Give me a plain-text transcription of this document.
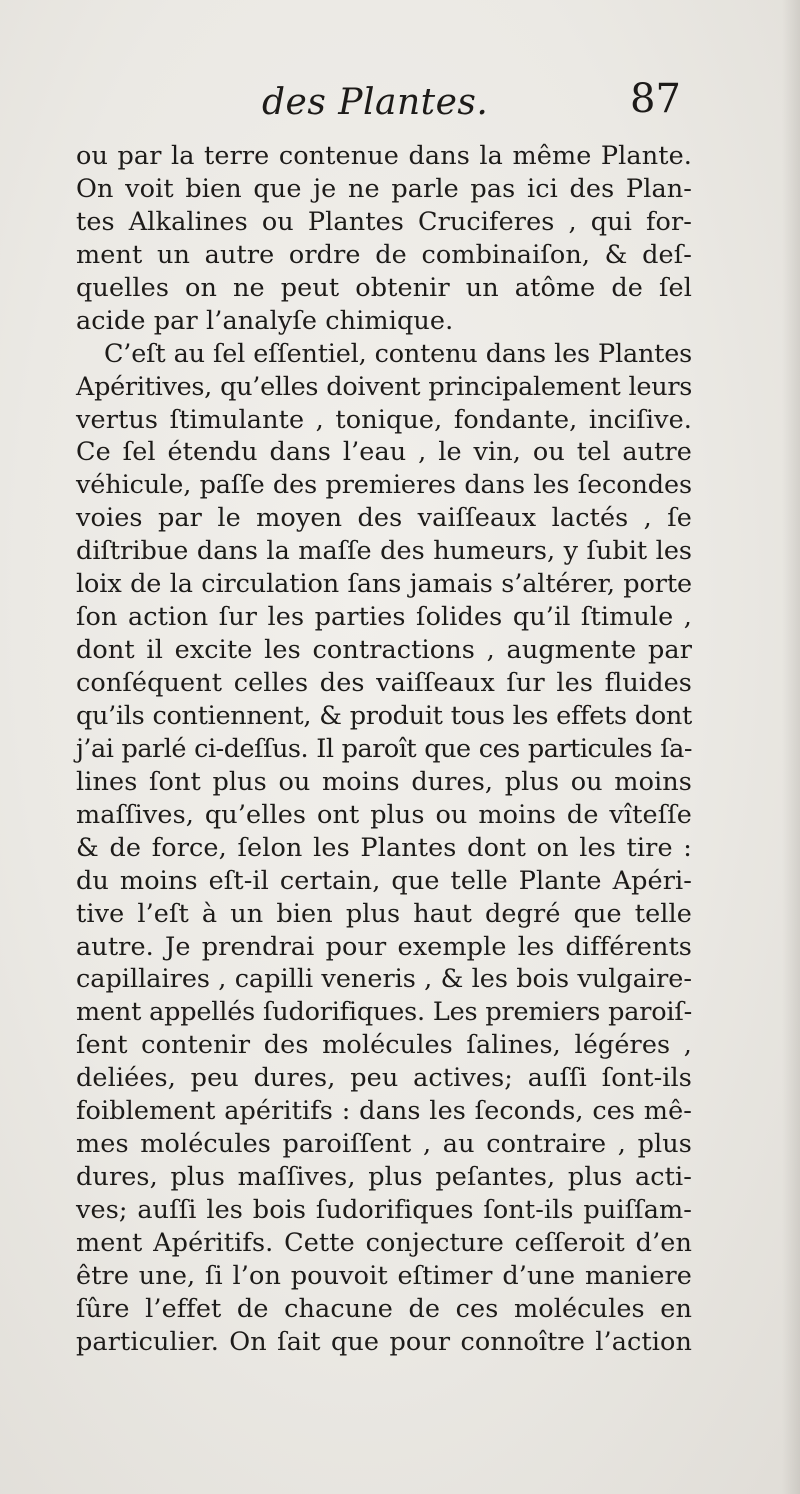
des Plantes.	87
ou par la terre contenue dans la même Plante.
On voit bien que je ne parle pas ici des Plan-
tes Alkalines ou Plantes Cruciferes , qui for-
ment un autre ordre de combinaiſon, & deſ-
quelles on ne peut obtenir un atôme de ſel
acide par l’analyſe chimique.
C’eſt au ſel eſſentiel, contenu dans les Plantes
Apéritives, qu’elles doivent principalement leurs
vertus ſtimulante , tonique, fondante, inciſive.
Ce ſel étendu dans l’eau , le vin, ou tel autre
véhicule, paſſe des premieres dans les ſecondes
voies par le moyen des vaiſſeaux lactés , ſe
diſtribue dans la maſſe des humeurs, y ſubit les
loix de la circulation ſans jamais s’altérer, porte
ſon action ſur les parties ſolides qu’il ſtimule ,
dont il excite les contractions , augmente par
conſéquent celles des vaiſſeaux ſur les fluides
qu’ils contiennent, & produit tous les effets dont
j’ai parlé ci-deſſus. Il paroît que ces particules ſa-
lines ſont plus ou moins dures, plus ou moins
maſſives, qu’elles ont plus ou moins de vîteſſe
& de force, ſelon les Plantes dont on les tire :
du moins eſt-il certain, que telle Plante Apéri-
tive l’eſt à un bien plus haut degré que telle
autre. Je prendrai pour exemple les différents
capillaires , capilli veneris , & les bois vulgaire-
ment appellés ſudorifiques. Les premiers paroiſ-
ſent contenir des molécules ſalines, légéres ,
deliées, peu dures, peu actives; auſſi ſont-ils
foiblement apéritifs : dans les ſeconds, ces mê-
mes molécules paroiſſent , au contraire , plus
dures, plus maſſives, plus peſantes, plus acti-
ves; auſſi les bois ſudorifiques ſont-ils puiſſam-
ment Apéritifs. Cette conjecture ceſſeroit d’en
être une, ſi l’on pouvoit eſtimer d’une maniere
ſûre l’effet de chacune de ces molécules en
particulier. On ſait que pour connoître l’action
